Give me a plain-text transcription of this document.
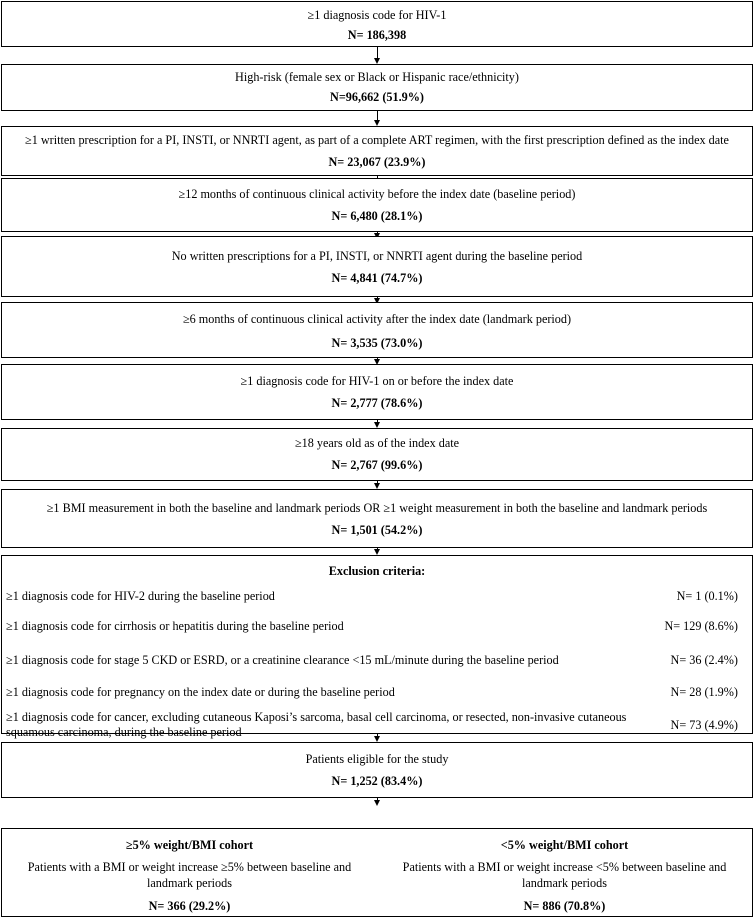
≥1 diagnosis code for HIV-1
N= 186,398
High-risk (female sex or Black or Hispanic race/ethnicity)
N=96,662 (51.9%)
≥1 written prescription for a PI, INSTI, or NNRTI agent, as part of a complete ART regimen, with the first prescription defined as the index date
N= 23,067 (23.9%)
≥12 months of continuous clinical activity before the index date (baseline period)
N= 6,480 (28.1%)
No written prescriptions for a PI, INSTI, or NNRTI agent during the baseline period
N= 4,841 (74.7%)
≥6 months of continuous clinical activity after the index date (landmark period)
N= 3,535 (73.0%)
≥1 diagnosis code for HIV-1 on or before the index date
N= 2,777 (78.6%)
≥18 years old as of the index date
N= 2,767 (99.6%)
≥1 BMI measurement in both the baseline and landmark periods OR ≥1 weight measurement in both the baseline and landmark periods
N= 1,501 (54.2%)
Exclusion criteria:
≥1 diagnosis code for HIV-2 during the baseline period	N= 1 (0.1%)
≥1 diagnosis code for cirrhosis or hepatitis during the baseline period	N= 129 (8.6%)
≥1 diagnosis code for stage 5 CKD or ESRD, or a creatinine clearance <15 mL/minute during the baseline period	N= 36 (2.4%)
≥1 diagnosis code for pregnancy on the index date or during the baseline period	N= 28 (1.9%)
≥1 diagnosis code for cancer, excluding cutaneous Kaposi’s sarcoma, basal cell carcinoma, or resected, non-invasive cutaneous squamous carcinoma, during the baseline period
N= 73 (4.9%)
Patients eligible for the study
N= 1,252 (83.4%)
≥5% weight/BMI cohort
Patients with a BMI or weight increase ≥5% between baseline and landmark periods
N= 366 (29.2%)
<5% weight/BMI cohort
Patients with a BMI or weight increase <5% between baseline and landmark periods
N= 886 (70.8%)
